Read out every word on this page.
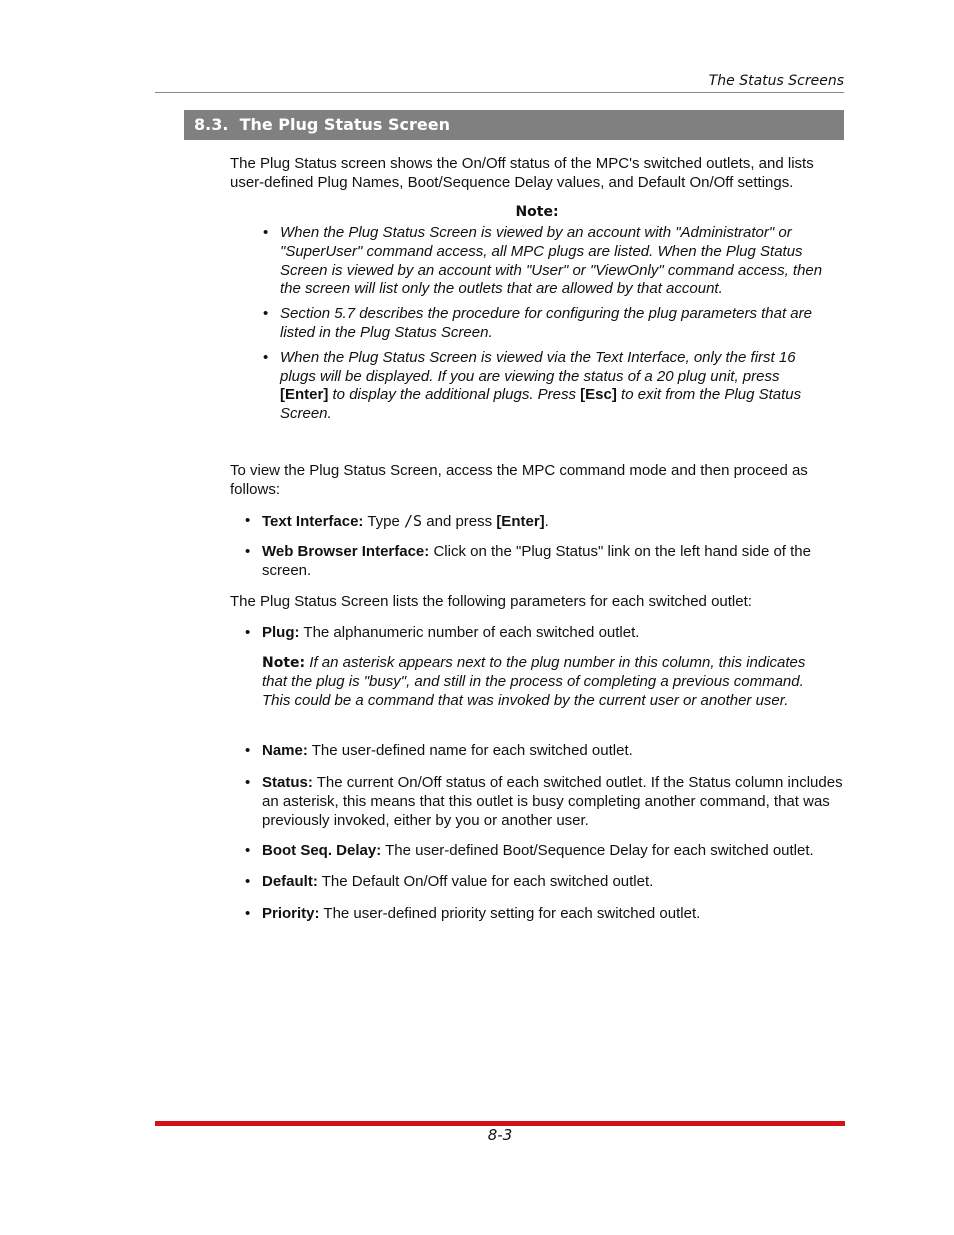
The Status Screens
8.3. The Plug Status Screen
The Plug Status screen shows the On/Off status of the MPC's switched outlets, and lists user-defined Plug Names, Boot/Sequence Delay values, and Default On/Off settings.
Note:
• When the Plug Status Screen is viewed by an account with "Administrator" or "SuperUser" command access, all MPC plugs are listed. When the Plug Status Screen is viewed by an account with "User" or "ViewOnly" command access, then the screen will list only the outlets that are allowed by that account.
• Section 5.7 describes the procedure for configuring the plug parameters that are listed in the Plug Status Screen.
• When the Plug Status Screen is viewed via the Text Interface, only the first 16 plugs will be displayed. If you are viewing the status of a 20 plug unit, press [Enter] to display the additional plugs. Press [Esc] to exit from the Plug Status Screen.
To view the Plug Status Screen, access the MPC command mode and then proceed as follows:
• Text Interface: Type /S and press [Enter].
• Web Browser Interface: Click on the "Plug Status" link on the left hand side of the screen.
The Plug Status Screen lists the following parameters for each switched outlet:
• Plug: The alphanumeric number of each switched outlet.
Note: If an asterisk appears next to the plug number in this column, this indicates that the plug is "busy", and still in the process of completing a previous command. This could be a command that was invoked by the current user or another user.
• Name: The user-defined name for each switched outlet.
• Status: The current On/Off status of each switched outlet. If the Status column includes an asterisk, this means that this outlet is busy completing another command, that was previously invoked, either by you or another user.
• Boot Seq. Delay: The user-defined Boot/Sequence Delay for each switched outlet.
• Default: The Default On/Off value for each switched outlet.
• Priority: The user-defined priority setting for each switched outlet.
8-3
